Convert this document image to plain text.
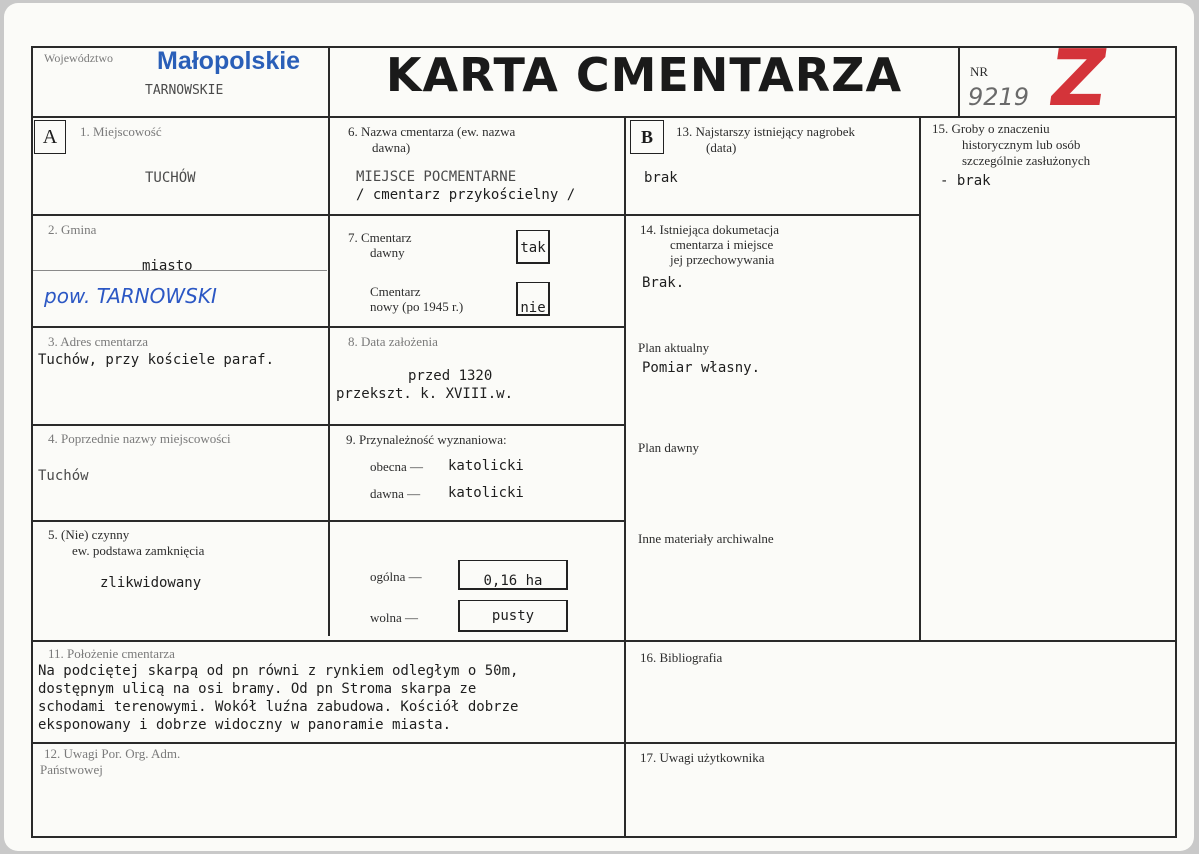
Województwo Małopolskie
TARNOWSKIE	KARTA CMENTARZA	NR
9219 Z
A	1. Miejscowość
TUCHÓW
2. Gmina
miasto
pow. TARNOWSKI
3. Adres cmentarza
Tuchów, przy kościele paraf.
4. Poprzednie nazwy miejscowości
Tuchów
5. (Nie) czynny
ew. podstawa zamknięcia
zlikwidowany
6. Nazwa cmentarza (ew. nazwa
dawna)
MIEJSCE POCMENTARNE
/ cmentarz przykościelny /
7. Cmentarz
dawny	tak
Cmentarz
nowy (po 1945 r.)	nie
8. Data założenia
przed 1320
przekszt. k. XVIII.w.
9. Przynależność wyznaniowa:
obecna — katolicki
dawna — katolicki
ogólna —	0,16 ha
wolna —	pusty
B	13. Najstarszy istniejący nagrobek
(data)
brak
14. Istniejąca dokumetacja
cmentarza i miejsce
jej przechowywania
Brak.
Plan aktualny
Pomiar własny.
Plan dawny
Inne materiały archiwalne
15. Groby o znaczeniu
historycznym lub osób
szczególnie zasłużonych
- brak
11. Położenie cmentarza
Na podciętej skarpą od pn równi z rynkiem odległym o 50m,
dostępnym ulicą na osi bramy. Od pn Stroma skarpa ze
schodami terenowymi. Wokół luźna zabudowa. Kościół dobrze
eksponowany i dobrze widoczny w panoramie miasta.
12. Uwagi Por. Org. Adm.
Państwowej
16. Bibliografia
17. Uwagi użytkownika
